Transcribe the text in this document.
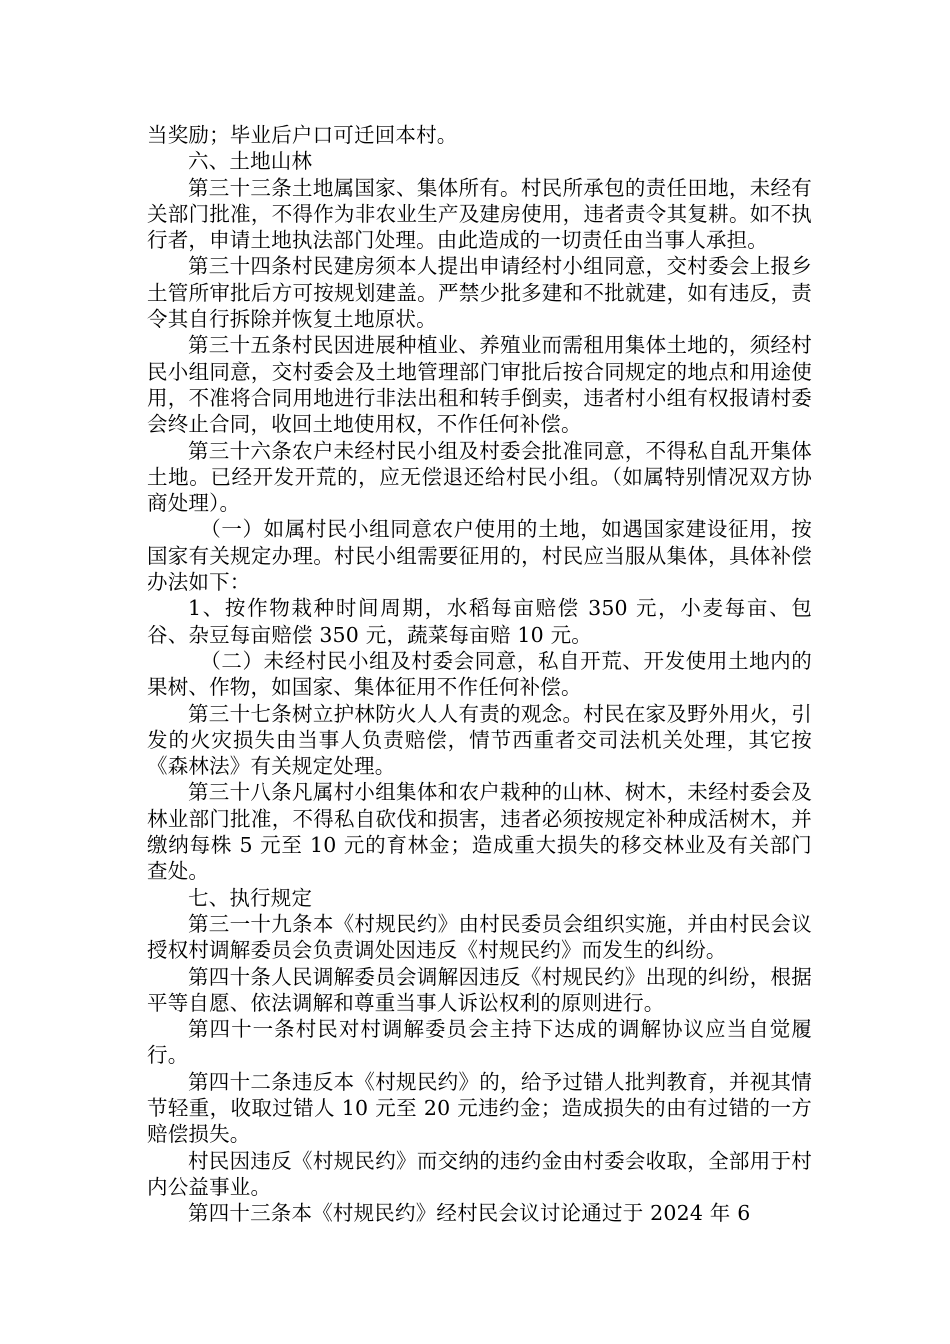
当奖励；毕业后户口可迁回本村。

六、土地山林

第三十三条土地属国家、集体所有。村民所承包的责任田地，未经有关部门批准，不得作为非农业生产及建房使用，违者责令其复耕。如不执行者，申请土地执法部门处理。由此造成的一切责任由当事人承担。

第三十四条村民建房须本人提出申请经村小组同意，交村委会上报乡土管所审批后方可按规划建盖。严禁少批多建和不批就建，如有违反，责令其自行拆除并恢复土地原状。

第三十五条村民因进展种植业、养殖业而需租用集体土地的，须经村民小组同意，交村委会及土地管理部门审批后按合同规定的地点和用途使用，不准将合同用地进行非法出租和转手倒卖，违者村小组有权报请村委会终止合同，收回土地使用权，不作任何补偿。

第三十六条农户未经村民小组及村委会批准同意，不得私自乱开集体土地。已经开发开荒的，应无偿退还给村民小组。（如属特别情况双方协商处理）。

（一）如属村民小组同意农户使用的土地，如遇国家建设征用，按国家有关规定办理。村民小组需要征用的，村民应当服从集体，具体补偿办法如下：

1、按作物栽种时间周期，水稻每亩赔偿 350 元，小麦每亩、包谷、杂豆每亩赔偿 350 元，蔬菜每亩赔 10 元。

（二）未经村民小组及村委会同意，私自开荒、开发使用土地内的果树、作物，如国家、集体征用不作任何补偿。

第三十七条树立护林防火人人有责的观念。村民在家及野外用火，引发的火灾损失由当事人负责赔偿，情节西重者交司法机关处理，其它按《森林法》有关规定处理。

第三十八条凡属村小组集体和农户栽种的山林、树木，未经村委会及林业部门批准，不得私自砍伐和损害，违者必须按规定补种成活树木，并缴纳每株 5 元至 10 元的育林金；造成重大损失的移交林业及有关部门查处。

七、执行规定

第三一十九条本《村规民约》由村民委员会组织实施，并由村民会议授权村调解委员会负责调处因违反《村规民约》而发生的纠纷。

第四十条人民调解委员会调解因违反《村规民约》出现的纠纷，根据平等自愿、依法调解和尊重当事人诉讼权利的原则进行。

第四十一条村民对村调解委员会主持下达成的调解协议应当自觉履行。

第四十二条违反本《村规民约》的，给予过错人批判教育，并视其情节轻重，收取过错人 10 元至 20 元违约金；造成损失的由有过错的一方赔偿损失。

村民因违反《村规民约》而交纳的违约金由村委会收取，全部用于村内公益事业。

第四十三条本《村规民约》经村民会议讨论通过于 2024 年 6
